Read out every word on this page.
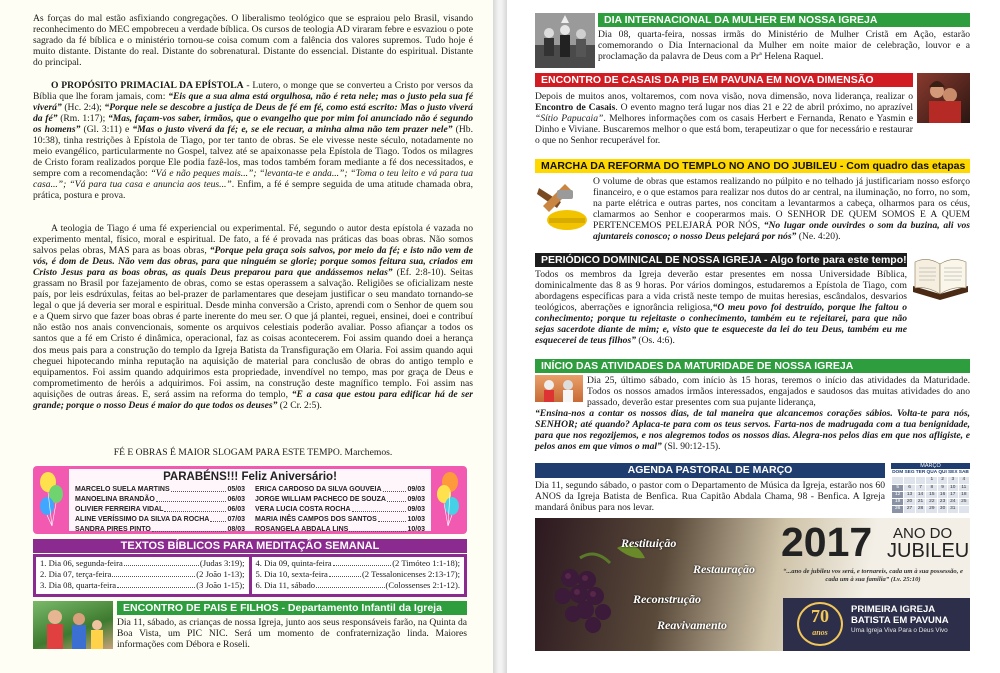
As forças do mal estão asfixiando congregações. O liberalismo teológico que se espraiou pelo Brasil, visando reconhecimento do MEC empobreceu a verdade bíblica. Os cursos de teologia AD viraram febre e esvaziou o pote sagrado da fé bíblica e o ministério tornou-se coisa comum com a falência dos valores supremos. Tudo hoje é muito distante. Distante do real. Distante do sobrenatural. Distante do essencial. Distante do espiritual. Distante do principal.
O PROPÓSITO PRIMACIAL DA EPÍSTOLA - Lutero, o monge que se converteu a Cristo por versos da Bíblia que lhe foram jamais, com: “Eis que a sua alma está orgulhosa, não é reta nele; mas o justo pela sua fé viverá” (Hc. 2:4); “Porque nele se descobre a justiça de Deus de fé em fé, como está escrito: Mas o justo viverá da fé” (Rm. 1:17); “Mas, façam-vos saber, irmãos, que o evangelho que por mim foi anunciado não é segundo os homens” (Gl. 3:11) e “Mas o justo viverá da fé; e, se ele recuar, a minha alma não tem prazer nele” (Hb. 10:38), tinha restrições à Epístola de Tiago, por ter tanto de obras. Se ele vivesse neste século, notadamente no meio evangélico, particularmente no Gospel, talvez até se apaixonasse pela Epístola de Tiago. Todos os milagres de Cristo foram realizados porque Ele podia fazê-los, mas todos também foram mediante a fé dos necessitados, e sempre com a recomendação: “Vá e não peques mais...”; “levanta-te e anda...”; “Toma o teu leito e vá para tua casa...”; “Vá para tua casa e anuncia aos teus...”. Enfim, a fé é sempre seguida de uma atitude chamada obra, prática, postura e prova.
A teologia de Tiago é uma fé experiencial ou experimental. Fé, segundo o autor desta epístola é vazada no experimento mental, físico, moral e espiritual. De fato, a fé é provada nas práticas das boas obras. Não somos salvos pelas obras, MAS para as boas obras, “Porque pela graça sois salvos, por meio da fé; e isto não vem de vós, é dom de Deus. Não vem das obras, para que ninguém se glorie; porque somos feitura sua, criados em Cristo Jesus para as boas obras, as quais Deus preparou para que andássemos nelas” (Ef. 2:8-10). Seitas grassam no Brasil por fazejamento de obras, como se estas operassem a salvação. Religiões se oficializam neste país, por leis esdrúxulas, feitas ao bel-prazer de parlamentares que desejam justificar o seu mandato tornando-se legal o que já deveria ser moral e espiritual. Desde minha conversão a Cristo, aprendi com o Senhor de quem sou e a Quem sirvo que fazer boas obras é parte inerente do meu ser. O que já plantei, reguei, ensinei, doei e contribuí não estão nos anais convencionais, somente os arquivos celestiais poderão avaliar. Posso afiançar a todos os santos que a fé em Cristo é dinâmica, operacional, faz as coisas acontecerem. Foi assim quando doei a herança dos meus pais para a construção do templo da Igreja Batista da Transfiguração em Olaria. Foi assim quando aqui cheguei hipotecando minha reputação na aquisição de material para conclusão de obras do antigo templo e equipamentos. Foi assim quando adquirimos esta propriedade, invendível no tempo, mas por graça de Deus e comprometimento de heróis a adquirimos. Foi assim, na construção deste magnífico templo. Foi assim nas aquisições de outras áreas. E, será assim na reforma do templo, “E a casa que estou para edificar há de ser grande; porque o nosso Deus é maior do que todos os deuses” (2 Cr. 2:5).
FÉ E OBRAS É MAIOR SLOGAM PARA ESTE TEMPO. Marchemos.
PARABÉNS!!! Feliz Aniversário!
MARCELO SUELA MARTINS	05/03
MANOELINA BRANDÃO	06/03
OLIVIER FERREIRA VIDAL	06/03
ALINE VERÍSSIMO DA SILVA DA ROCHA	07/03
SANDRA PIRES PINTO	08/03
ERICA CARDOSO DA SILVA GOUVEIA	09/03
JORGE WILLIAM PACHECO DE SOUZA	09/03
VERA LUCIA COSTA ROCHA	09/03
MARIA INÊS CAMPOS DOS SANTOS	10/03
ROSANGELA ABDALA LINS	10/03
TEXTOS BÍBLICOS PARA MEDITAÇÃO SEMANAL
1. Dia 06, segunda-feira	(Judas 3:19);
2. Dia 07, terça-feira	(2 João 1-13);
3. Dia 08, quarta-feira	(3 João 1-15);
4. Dia 09, quinta-feira	(2 Timóteo 1:1-18);
5. Dia 10, sexta-feira	(2 Tessalonicenses 2:13-17);
6. Dia 11, sábado	(Colossenses 2:1-12).
ENCONTRO DE PAIS E FILHOS - Departamento Infantil da Igreja
Dia 11, sábado, as crianças de nossa Igreja, junto aos seus responsáveis farão, na Quinta da Boa Vista, um PIC NIC. Será um momento de confraternização linda. Maiores informações com Débora e Roseli.
DIA INTERNACIONAL DA MULHER EM NOSSA IGREJA
Dia 08, quarta-feira, nossas irmãs do Ministério de Mulher Cristã em Ação, estarão comemorando o Dia Internacional da Mulher em noite maior de celebração, louvor e a proclamação da palavra de Deus com a Prª Helena Raquel.
ENCONTRO DE CASAIS DA PIB EM PAVUNA EM NOVA DIMENSÃO
Depois de muitos anos, voltaremos, com nova visão, nova dimensão, nova liderança, realizar o Encontro de Casais. O evento magno terá lugar nos dias 21 e 22 de abril próximo, no aprazível “Sítio Papucaia”. Melhores informações com os casais Herbert e Fernanda, Renato e Yasmin e Dinho e Viviane. Buscaremos melhor o que está bom, terapeutizar o que for necessário e restaurar o que no Senhor recuperável for.
MARCHA DA REFORMA DO TEMPLO NO ANO DO JUBILEU - Com quadro das etapas
O volume de obras que estamos realizando no púlpito e no telhado já justificariam nosso esforço financeiro, e o que estamos para realizar nos dutos do ar central, na iluminação, no forro, no som, na parte elétrica e outras partes, nos concitam a levantarmos a cabeça, olharmos para os céus, clamarmos ao Senhor e cooperarmos mais. O SENHOR DE QUEM SOMOS E A QUEM PERTENCEMOS PELEJARÁ POR NÓS, “No lugar onde ouvirdes o som da buzina, ali vos ajuntareis conosco; o nosso Deus pelejará por nós” (Ne. 4:20).
PERIÓDICO DOMINICAL DE NOSSA IGREJA - Algo forte para este tempo!
Todos os membros da Igreja deverão estar presentes em nossa Universidade Bíblica, dominicalmente das 8 as 9 horas. Por vários domingos, estudaremos a Epístola de Tiago, com abordagens específicas para a vida cristã neste tempo de muitas heresias, escândalos, desvarios teológicos, aberrações e ignorância religiosa,“O meu povo foi destruído, porque lhe faltou o conhecimento; porque tu rejeitaste o conhecimento, também eu te rejeitarei, para que não sejas sacerdote diante de mim; e, visto que te esqueceste da lei do teu Deus, também eu me esquecerei de teus filhos” (Os. 4:6).
INÍCIO DAS ATIVIDADES DA MATURIDADE DE NOSSA IGREJA
Dia 25, último sábado, com início às 15 horas, teremos o início das atividades da Maturidade. Todos os nossos amados irmãos interessados, engajados e saudosos das muitas atividades do ano passado, deverão estar presentes com sua pujante liderança,
“Ensina-nos a contar os nossos dias, de tal maneira que alcancemos corações sábios. Volta-te para nós, SENHOR; até quando? Aplaca-te para com os teus servos. Farta-nos de madrugada com a tua benignidade, para que nos regozijemos, e nos alegremos todos os nossos dias. Alegra-nos pelos dias em que nos afligiste, e pelos anos em que vimos o mal” (Sl. 90:12-15).
AGENDA PASTORAL DE MARÇO
Dia 11, segundo sábado, o pastor com o Departamento de Música da Igreja, estarão nos 60 ANOS da Igreja Batista de Benfica. Rua Capitão Abdala Chama, 98 - Benfica. A Igreja mandará ônibus para nos levar.
MARÇO
DOM	SEG	TER	QUA	QUI	SEX	SAB
			1	2	3	4
5	6	7	8	9	10	11
12	13	14	15	16	17	18
19	20	21	22	23	24	25
26	27	28	29	30	31	
Restituição
Restauração
Reconstrução
Reavivamento
2017 ANO DO
JUBILEU
“...ano de jubileu vos será, e tornareis, cada um à sua possessão, e cada um à sua família” (Lv. 25:10)
70
anos
PRIMEIRA IGREJA
BATISTA EM PAVUNA
Uma Igreja Viva Para o Deus Vivo
